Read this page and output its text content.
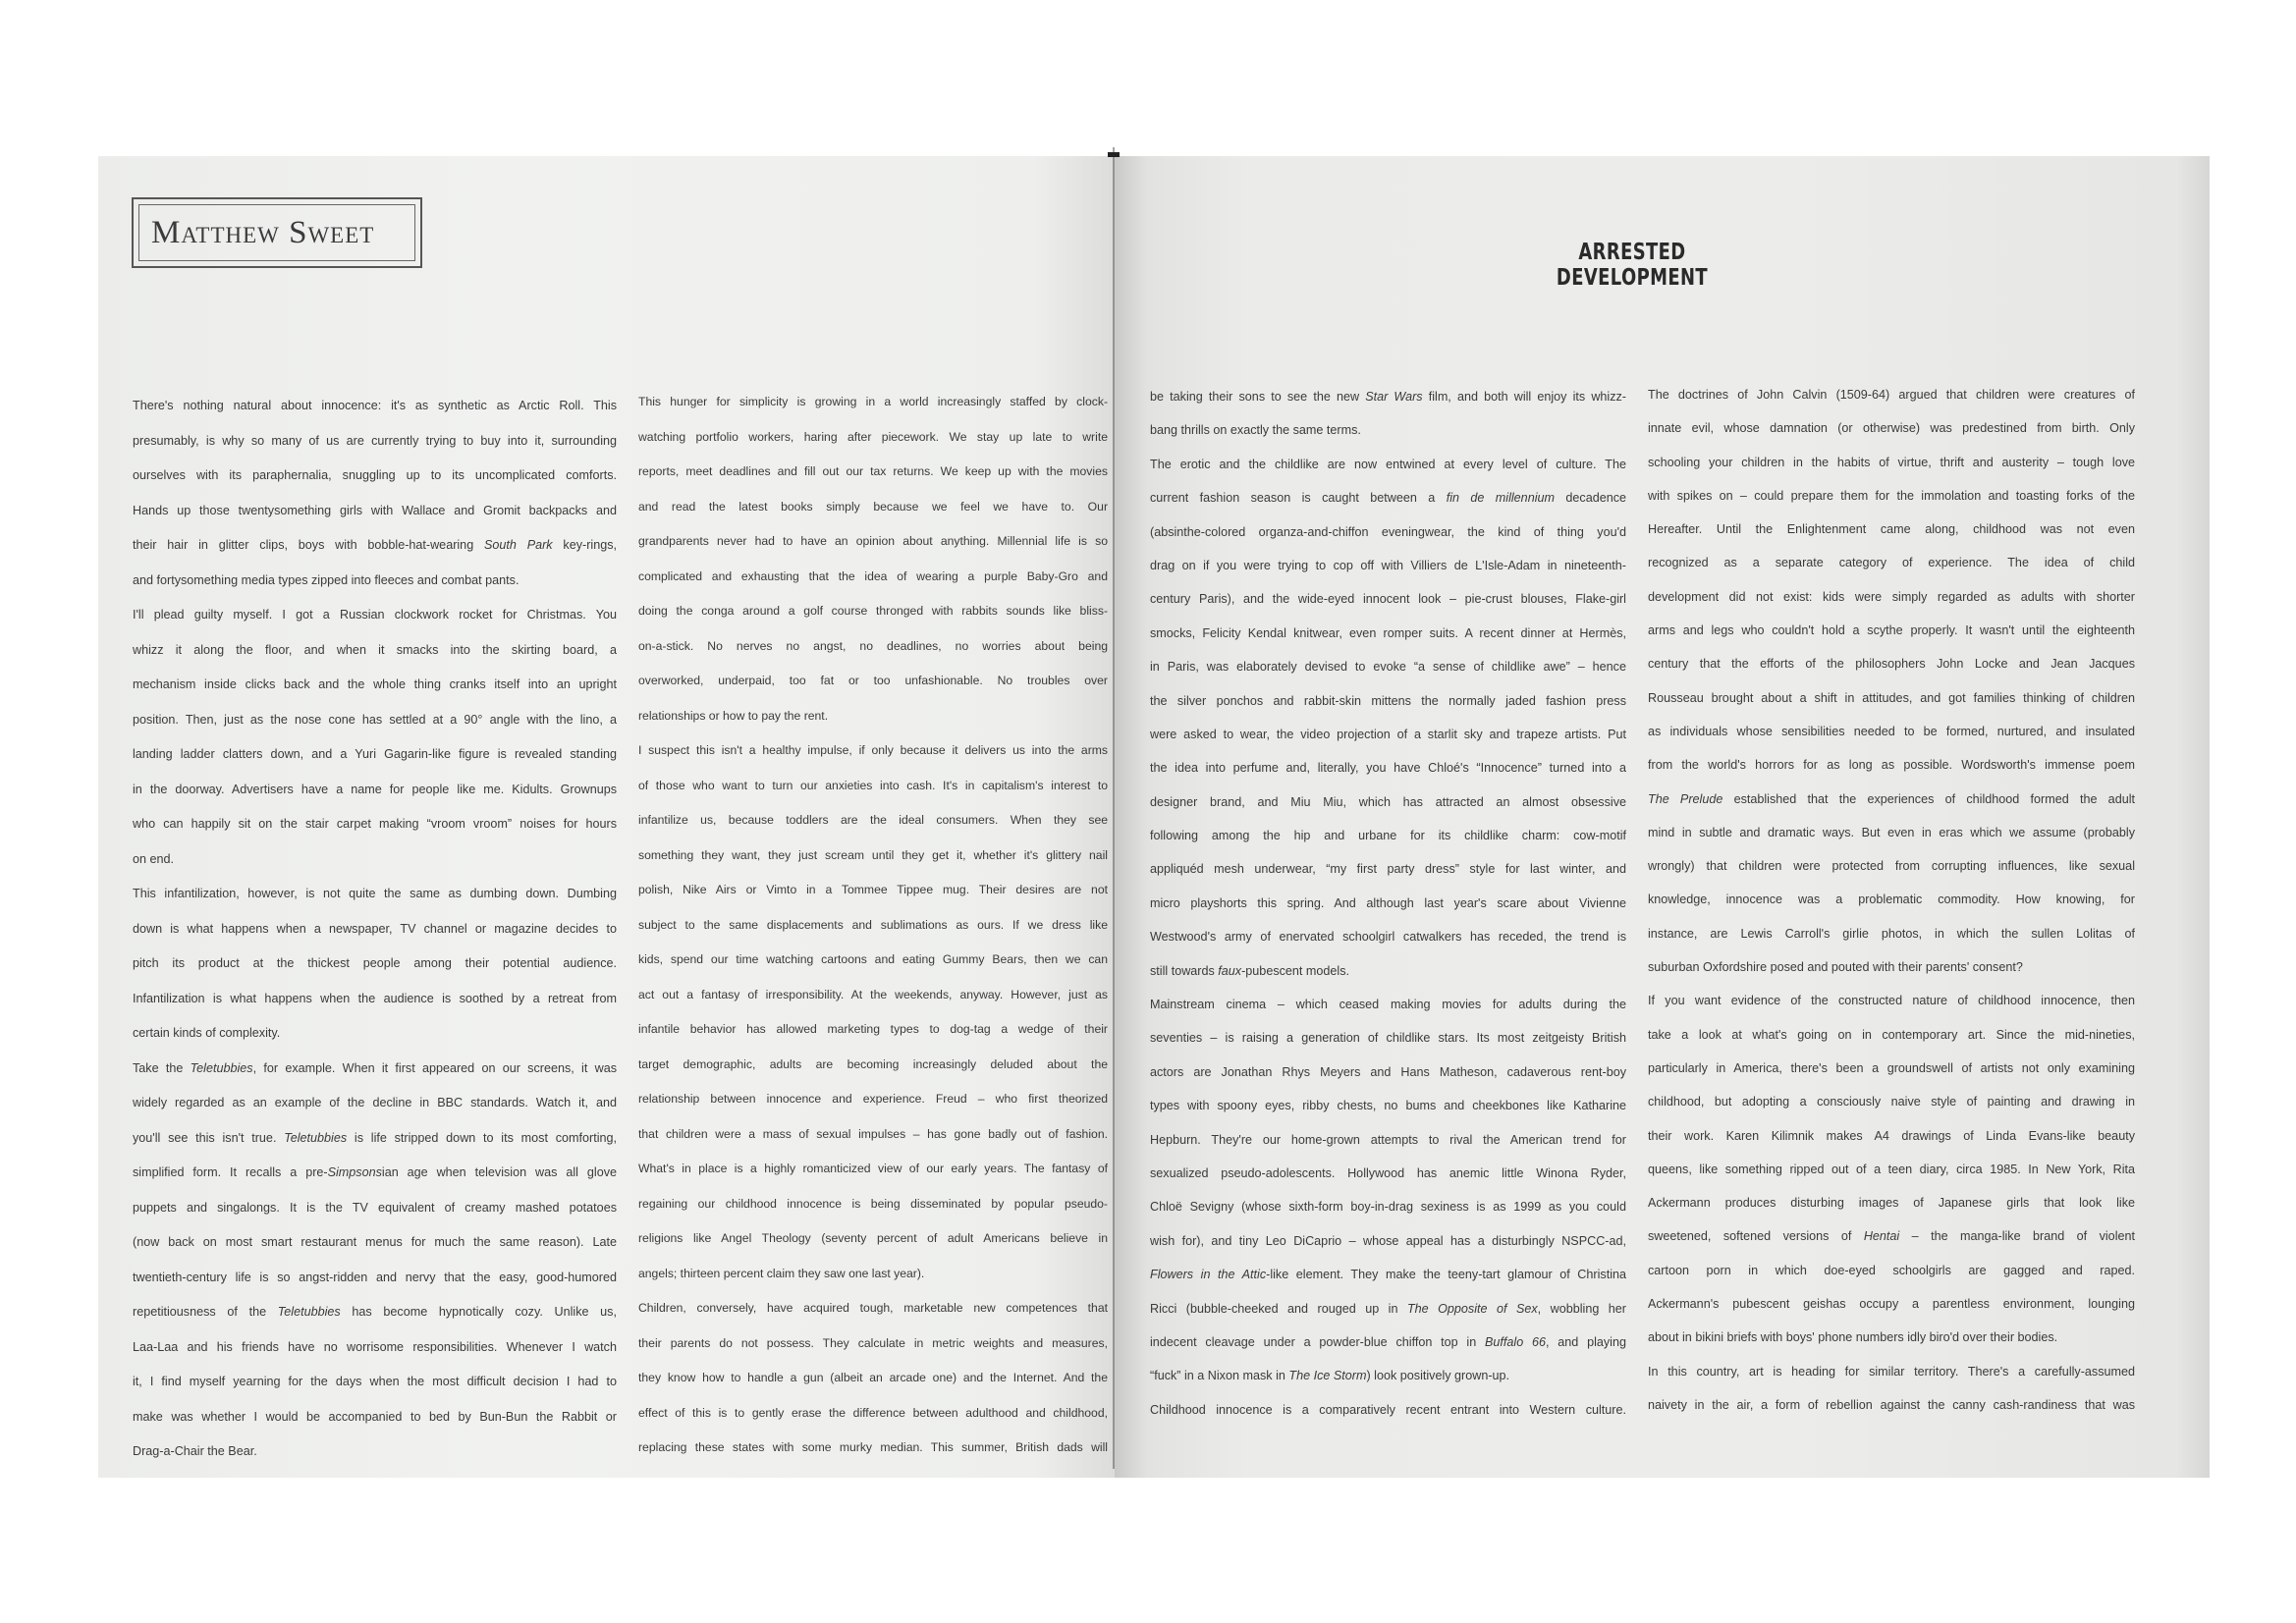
Matthew Sweet
ARRESTED DEVELOPMENT
There's nothing natural about innocence: it's as synthetic as Arctic Roll. This
presumably, is why so many of us are currently trying to buy into it, surrounding
ourselves with its paraphernalia, snuggling up to its uncomplicated comforts.
Hands up those twentysomething girls with Wallace and Gromit backpacks and
their hair in glitter clips, boys with bobble-hat-wearing South Park key-rings,
and fortysomething media types zipped into fleeces and combat pants.
I'll plead guilty myself. I got a Russian clockwork rocket for Christmas. You
whizz it along the floor, and when it smacks into the skirting board, a
mechanism inside clicks back and the whole thing cranks itself into an upright
position. Then, just as the nose cone has settled at a 90° angle with the lino, a
landing ladder clatters down, and a Yuri Gagarin-like figure is revealed standing
in the doorway. Advertisers have a name for people like me. Kidults. Grownups
who can happily sit on the stair carpet making “vroom vroom” noises for hours
on end.
This infantilization, however, is not quite the same as dumbing down. Dumbing
down is what happens when a newspaper, TV channel or magazine decides to
pitch its product at the thickest people among their potential audience.
Infantilization is what happens when the audience is soothed by a retreat from
certain kinds of complexity.
Take the Teletubbies, for example. When it first appeared on our screens, it was
widely regarded as an example of the decline in BBC standards. Watch it, and
you'll see this isn't true. Teletubbies is life stripped down to its most comforting,
simplified form. It recalls a pre-Simpsonsian age when television was all glove
puppets and singalongs. It is the TV equivalent of creamy mashed potatoes
(now back on most smart restaurant menus for much the same reason). Late
twentieth-century life is so angst-ridden and nervy that the easy, good-humored
repetitiousness of the Teletubbies has become hypnotically cozy. Unlike us,
Laa-Laa and his friends have no worrisome responsibilities. Whenever I watch
it, I find myself yearning for the days when the most difficult decision I had to
make was whether I would be accompanied to bed by Bun-Bun the Rabbit or
Drag-a-Chair the Bear.
This hunger for simplicity is growing in a world increasingly staffed by clock-
watching portfolio workers, haring after piecework. We stay up late to write
reports, meet deadlines and fill out our tax returns. We keep up with the movies
and read the latest books simply because we feel we have to. Our
grandparents never had to have an opinion about anything. Millennial life is so
complicated and exhausting that the idea of wearing a purple Baby-Gro and
doing the conga around a golf course thronged with rabbits sounds like bliss-
on-a-stick. No nerves no angst, no deadlines, no worries about being
overworked, underpaid, too fat or too unfashionable. No troubles over
relationships or how to pay the rent.
I suspect this isn't a healthy impulse, if only because it delivers us into the arms
of those who want to turn our anxieties into cash. It's in capitalism's interest to
infantilize us, because toddlers are the ideal consumers. When they see
something they want, they just scream until they get it, whether it's glittery nail
polish, Nike Airs or Vimto in a Tommee Tippee mug. Their desires are not
subject to the same displacements and sublimations as ours. If we dress like
kids, spend our time watching cartoons and eating Gummy Bears, then we can
act out a fantasy of irresponsibility. At the weekends, anyway. However, just as
infantile behavior has allowed marketing types to dog-tag a wedge of their
target demographic, adults are becoming increasingly deluded about the
relationship between innocence and experience. Freud – who first theorized
that children were a mass of sexual impulses – has gone badly out of fashion.
What's in place is a highly romanticized view of our early years. The fantasy of
regaining our childhood innocence is being disseminated by popular pseudo-
religions like Angel Theology (seventy percent of adult Americans believe in
angels; thirteen percent claim they saw one last year).
Children, conversely, have acquired tough, marketable new competences that
their parents do not possess. They calculate in metric weights and measures,
they know how to handle a gun (albeit an arcade one) and the Internet. And the
effect of this is to gently erase the difference between adulthood and childhood,
replacing these states with some murky median. This summer, British dads will
be taking their sons to see the new Star Wars film, and both will enjoy its whizz-
bang thrills on exactly the same terms.
The erotic and the childlike are now entwined at every level of culture. The
current fashion season is caught between a fin de millennium decadence
(absinthe-colored organza-and-chiffon eveningwear, the kind of thing you'd
drag on if you were trying to cop off with Villiers de L'Isle-Adam in nineteenth-
century Paris), and the wide-eyed innocent look – pie-crust blouses, Flake-girl
smocks, Felicity Kendal knitwear, even romper suits. A recent dinner at Hermès,
in Paris, was elaborately devised to evoke “a sense of childlike awe” – hence
the silver ponchos and rabbit-skin mittens the normally jaded fashion press
were asked to wear, the video projection of a starlit sky and trapeze artists. Put
the idea into perfume and, literally, you have Chloé's “Innocence” turned into a
designer brand, and Miu Miu, which has attracted an almost obsessive
following among the hip and urbane for its childlike charm: cow-motif
appliquéd mesh underwear, “my first party dress” style for last winter, and
micro playshorts this spring. And although last year's scare about Vivienne
Westwood's army of enervated schoolgirl catwalkers has receded, the trend is
still towards faux-pubescent models.
Mainstream cinema – which ceased making movies for adults during the
seventies – is raising a generation of childlike stars. Its most zeitgeisty British
actors are Jonathan Rhys Meyers and Hans Matheson, cadaverous rent-boy
types with spoony eyes, ribby chests, no bums and cheekbones like Katharine
Hepburn. They're our home-grown attempts to rival the American trend for
sexualized pseudo-adolescents. Hollywood has anemic little Winona Ryder,
Chloë Sevigny (whose sixth-form boy-in-drag sexiness is as 1999 as you could
wish for), and tiny Leo DiCaprio – whose appeal has a disturbingly NSPCC-ad,
Flowers in the Attic-like element. They make the teeny-tart glamour of Christina
Ricci (bubble-cheeked and rouged up in The Opposite of Sex, wobbling her
indecent cleavage under a powder-blue chiffon top in Buffalo 66, and playing
“fuck” in a Nixon mask in The Ice Storm) look positively grown-up.
Childhood innocence is a comparatively recent entrant into Western culture.
The doctrines of John Calvin (1509-64) argued that children were creatures of
innate evil, whose damnation (or otherwise) was predestined from birth. Only
schooling your children in the habits of virtue, thrift and austerity – tough love
with spikes on – could prepare them for the immolation and toasting forks of the
Hereafter. Until the Enlightenment came along, childhood was not even
recognized as a separate category of experience. The idea of child
development did not exist: kids were simply regarded as adults with shorter
arms and legs who couldn't hold a scythe properly. It wasn't until the eighteenth
century that the efforts of the philosophers John Locke and Jean Jacques
Rousseau brought about a shift in attitudes, and got families thinking of children
as individuals whose sensibilities needed to be formed, nurtured, and insulated
from the world's horrors for as long as possible. Wordsworth's immense poem
The Prelude established that the experiences of childhood formed the adult
mind in subtle and dramatic ways. But even in eras which we assume (probably
wrongly) that children were protected from corrupting influences, like sexual
knowledge, innocence was a problematic commodity. How knowing, for
instance, are Lewis Carroll's girlie photos, in which the sullen Lolitas of
suburban Oxfordshire posed and pouted with their parents' consent?
If you want evidence of the constructed nature of childhood innocence, then
take a look at what's going on in contemporary art. Since the mid-nineties,
particularly in America, there's been a groundswell of artists not only examining
childhood, but adopting a consciously naive style of painting and drawing in
their work. Karen Kilimnik makes A4 drawings of Linda Evans-like beauty
queens, like something ripped out of a teen diary, circa 1985. In New York, Rita
Ackermann produces disturbing images of Japanese girls that look like
sweetened, softened versions of Hentai – the manga-like brand of violent
cartoon porn in which doe-eyed schoolgirls are gagged and raped.
Ackermann's pubescent geishas occupy a parentless environment, lounging
about in bikini briefs with boys' phone numbers idly biro'd over their bodies.
In this country, art is heading for similar territory. There's a carefully-assumed
naivety in the air, a form of rebellion against the canny cash-randiness that was
